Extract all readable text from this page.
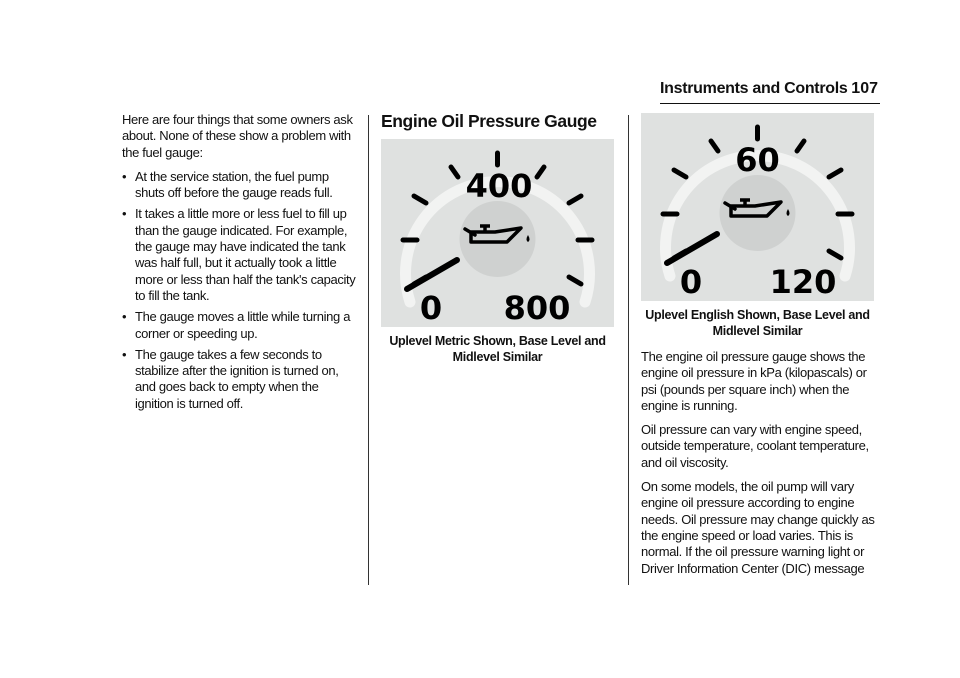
Instruments and Controls 107

Here are four things that some owners ask about. None of these show a problem with the fuel gauge:

• At the service station, the fuel pump shuts off before the gauge reads full.
• It takes a little more or less fuel to fill up than the gauge indicated. For example, the gauge may have indicated the tank was half full, but it actually took a little more or less than half the tank's capacity to fill the tank.
• The gauge moves a little while turning a corner or speeding up.
• The gauge takes a few seconds to stabilize after the ignition is turned on, and goes back to empty when the ignition is turned off.
Engine Oil Pressure Gauge
400
0 800
Uplevel Metric Shown, Base Level and
Midlevel Similar
60
0 120
Uplevel English Shown, Base Level and
Midlevel Similar

The engine oil pressure gauge shows the engine oil pressure in kPa (kilopascals) or psi (pounds per square inch) when the engine is running.

Oil pressure can vary with engine speed, outside temperature, coolant temperature, and oil viscosity.

On some models, the oil pump will vary engine oil pressure according to engine needs. Oil pressure may change quickly as the engine speed or load varies. This is normal. If the oil pressure warning light or Driver Information Center (DIC) message
